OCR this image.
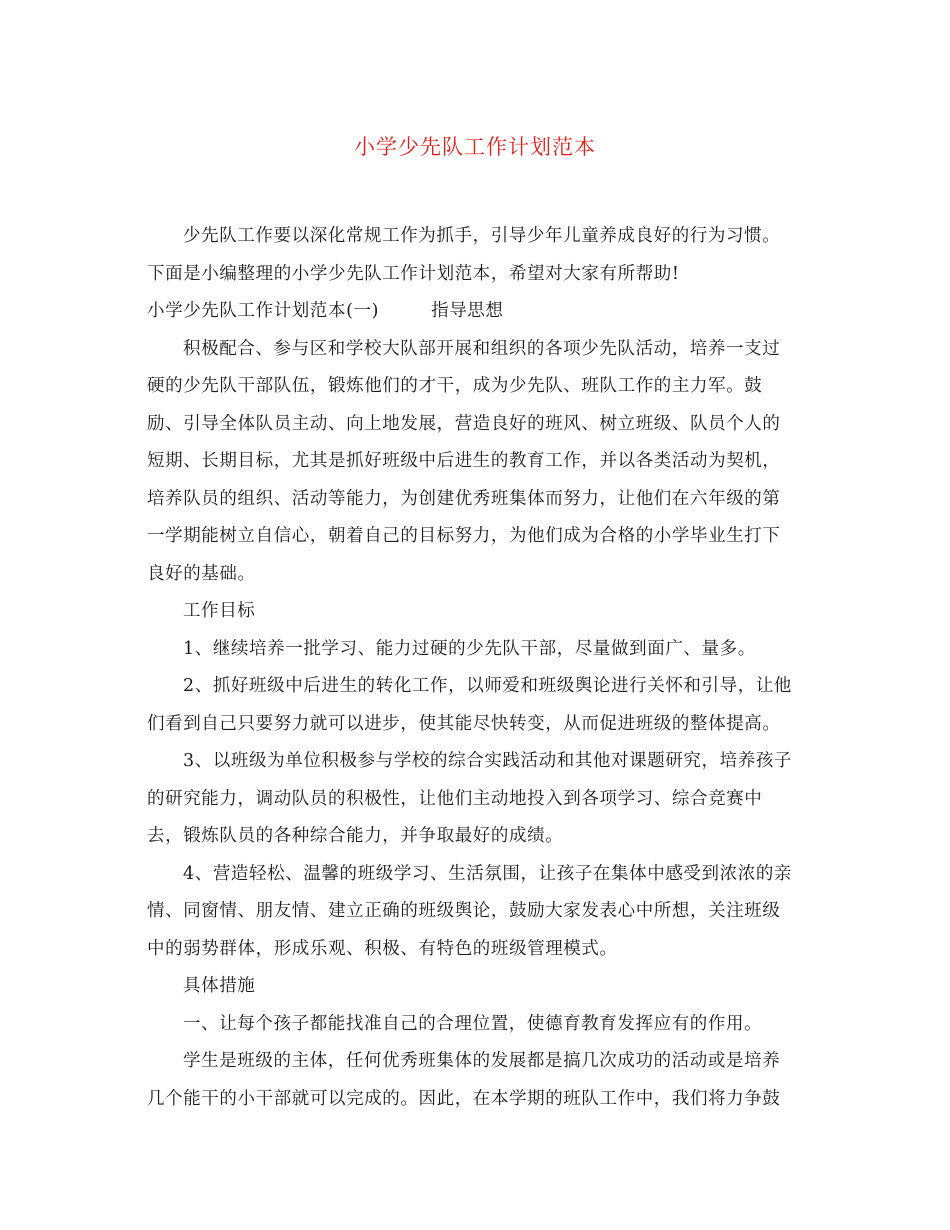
小学少先队工作计划范本
少先队工作要以深化常规工作为抓手，引导少年儿童养成良好的行为习惯。
下面是小编整理的小学少先队工作计划范本，希望对大家有所帮助!
小学少先队工作计划范本(一)	指导思想
积极配合、参与区和学校大队部开展和组织的各项少先队活动，培养一支过
硬的少先队干部队伍，锻炼他们的才干，成为少先队、班队工作的主力军。鼓
励、引导全体队员主动、向上地发展，营造良好的班风、树立班级、队员个人的
短期、长期目标，尤其是抓好班级中后进生的教育工作，并以各类活动为契机，
培养队员的组织、活动等能力，为创建优秀班集体而努力，让他们在六年级的第
一学期能树立自信心，朝着自己的目标努力，为他们成为合格的小学毕业生打下
良好的基础。
工作目标
1、继续培养一批学习、能力过硬的少先队干部，尽量做到面广、量多。
2、抓好班级中后进生的转化工作，以师爱和班级舆论进行关怀和引导，让他
们看到自己只要努力就可以进步，使其能尽快转变，从而促进班级的整体提高。
3、以班级为单位积极参与学校的综合实践活动和其他对课题研究，培养孩子
的研究能力，调动队员的积极性，让他们主动地投入到各项学习、综合竞赛中
去，锻炼队员的各种综合能力，并争取最好的成绩。
4、营造轻松、温馨的班级学习、生活氛围，让孩子在集体中感受到浓浓的亲
情、同窗情、朋友情、建立正确的班级舆论，鼓励大家发表心中所想，关注班级
中的弱势群体，形成乐观、积极、有特色的班级管理模式。
具体措施
一、让每个孩子都能找准自己的合理位置，使德育教育发挥应有的作用。
学生是班级的主体，任何优秀班集体的发展都是搞几次成功的活动或是培养
几个能干的小干部就可以完成的。因此，在本学期的班队工作中，我们将力争鼓
